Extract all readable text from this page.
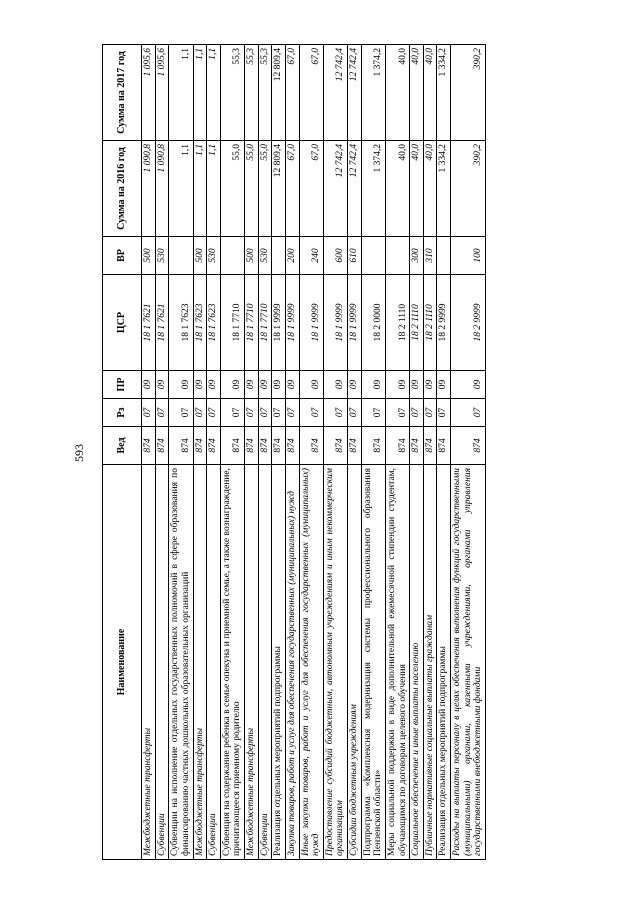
593
Наименование	Вед	Рз	ПР	ЦСР	ВР	Сумма на 2016 год	Сумма на 2017 год
Межбюджетные трансферты	874	07	09	18 1 7621	500	1 090,8	1 095,6
Субвенции	874	07	09	18 1 7621	530	1 090,8	1 095,6
Субвенции на исполнение отдельных государственных полномочий в сфере образования по финансированию частных дошкольных образовательных организаций	874	07	09	18 1 7623		1,1	1,1
Межбюджетные трансферты	874	07	09	18 1 7623	500	1,1	1,1
Субвенции	874	07	09	18 1 7623	530	1,1	1,1
Субвенция на содержание ребенка в семье опекуна и приемной семье, а также вознаграждение, причитающееся приемному родителю	874	07	09	18 1 7710		55,0	55,3
Межбюджетные трансферты	874	07	09	18 1 7710	500	55,0	55,3
Субвенции	874	07	09	18 1 7710	530	55,0	55,3
Реализация отдельных мероприятий подпрограммы	874	07	09	18 1 9999		12 809,4	12 809,4
Закупка товаров, работ и услуг для обеспечения государственных (муниципальных) нужд	874	07	09	18 1 9999	200	67,0	67,0
Иные закупки товаров, работ и услуг для обеспечения государственных (муниципальных) нужд	874	07	09	18 1 9999	240	67,0	67,0
Предоставление субсидий бюджетным, автономным учреждениям и иным некоммерческим организациям	874	07	09	18 1 9999	600	12 742,4	12 742,4
Субсидии бюджетным учреждениям	874	07	09	18 1 9999	610	12 742,4	12 742,4
Подпрограмма «Комплексная модернизация системы профессионального образования Пензенской области»	874	07	09	18 2 0000		1 374,2	1 374,2
Меры социальной поддержки в виде дополнительной ежемесячной стипендии студентам, обучающимся по договорам целевого обучения	874	07	09	18 2 1110		40,0	40,0
Социальное обеспечение и иные выплаты населению	874	07	09	18 2 1110	300	40,0	40,0
Публичные нормативные социальные выплаты гражданам	874	07	09	18 2 1110	310	40,0	40,0
Реализация отдельных мероприятий подпрограммы	874	07	09	18 2 9999		1 334,2	1 334,2
Расходы на выплаты персоналу в целях обеспечения выполнения функций государственными (муниципальными) органами, казенными учреждениями, органами управления государственными внебюджетными фондами	874	07	09	18 2 9999	100	390,2	390,2
